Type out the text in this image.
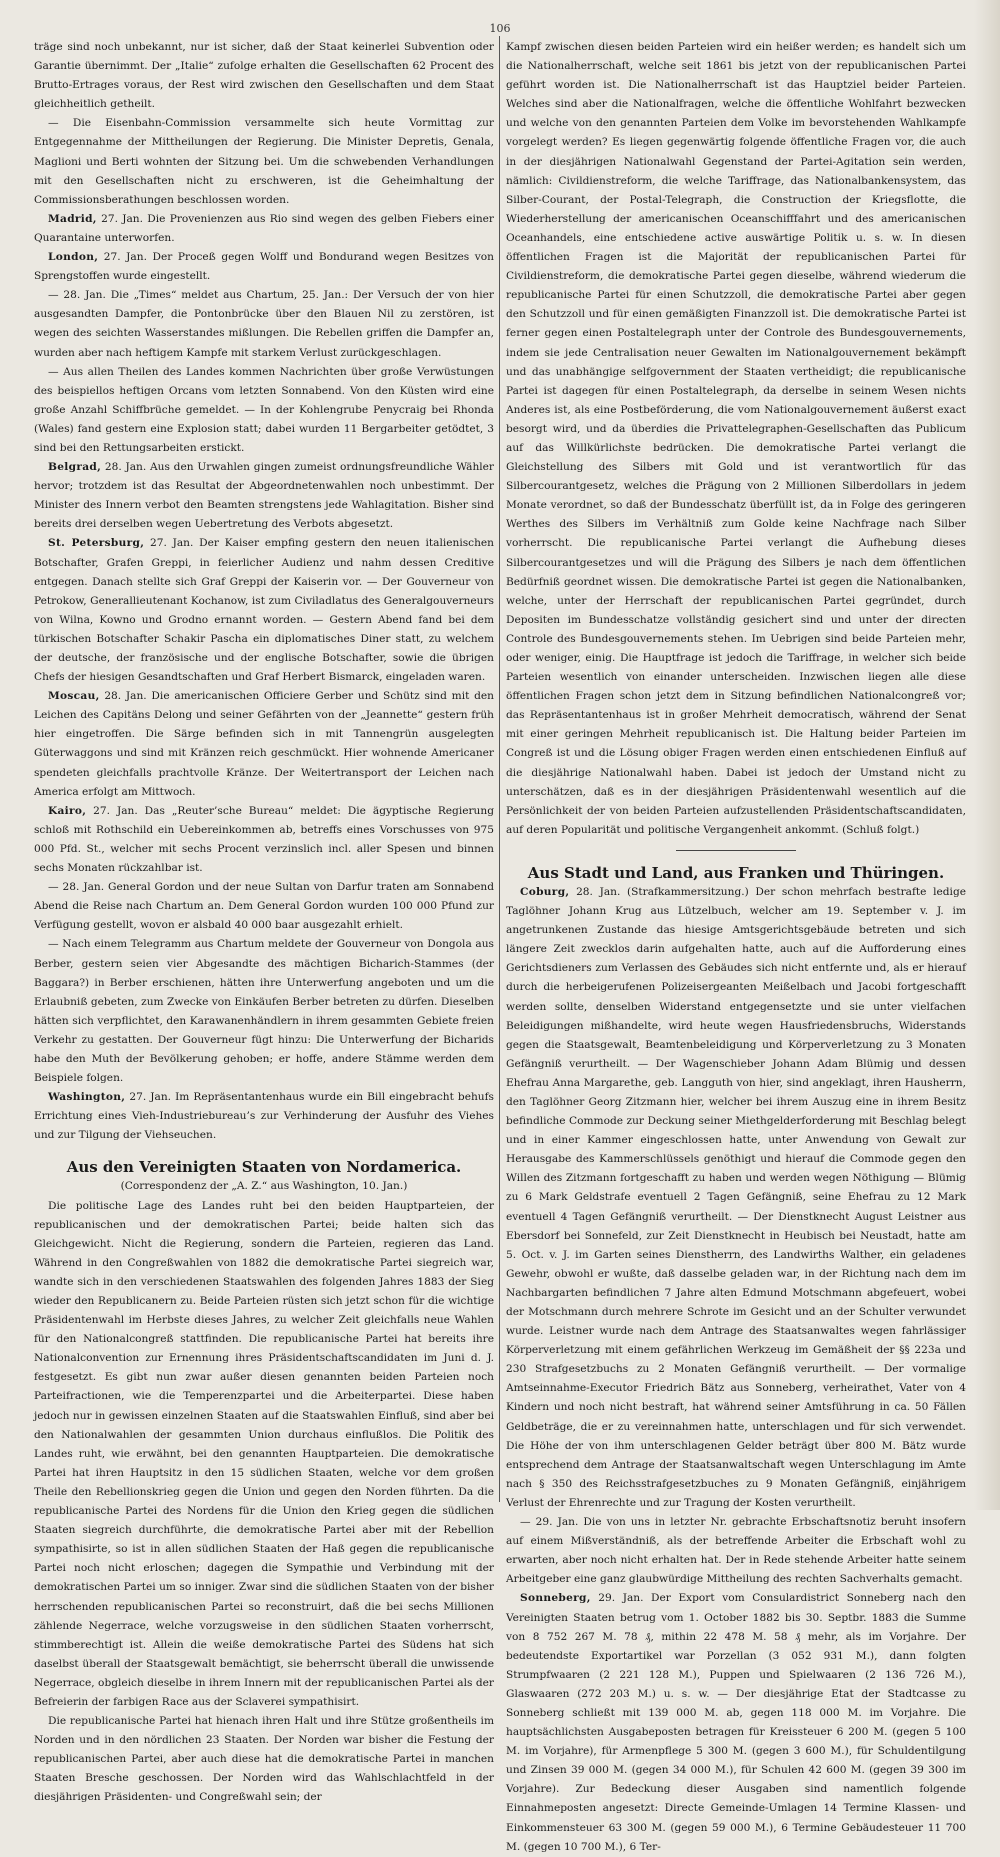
106

träge sind noch unbekannt, nur ist sicher, daß der Staat keinerlei Subvention oder Garantie übernimmt. Der „Italie“ zufolge erhalten die Gesellschaften 62 Procent des Brutto-Ertrages voraus, der Rest wird zwischen den Gesellschaften und dem Staat gleichheitlich getheilt.

— Die Eisenbahn-Commission versammelte sich heute Vormittag zur Entgegennahme der Mittheilungen der Regierung. Die Minister Depretis, Genala, Maglioni und Berti wohnten der Sitzung bei. Um die schwebenden Verhandlungen mit den Gesellschaften nicht zu erschweren, ist die Geheimhaltung der Commissionsberathungen beschlossen worden.

Madrid, 27. Jan. Die Provenienzen aus Rio sind wegen des gelben Fiebers einer Quarantaine unterworfen.

London, 27. Jan. Der Proceß gegen Wolff und Bondurand wegen Besitzes von Sprengstoffen wurde eingestellt.

— 28. Jan. Die „Times“ meldet aus Chartum, 25. Jan.: Der Versuch der von hier ausgesandten Dampfer, die Pontonbrücke über den Blauen Nil zu zerstören, ist wegen des seichten Wasserstandes mißlungen. Die Rebellen griffen die Dampfer an, wurden aber nach heftigem Kampfe mit starkem Verlust zurückgeschlagen.

— Aus allen Theilen des Landes kommen Nachrichten über große Verwüstungen des beispiellos heftigen Orcans vom letzten Sonnabend. Von den Küsten wird eine große Anzahl Schiffbrüche gemeldet. — In der Kohlengrube Penycraig bei Rhonda (Wales) fand gestern eine Explosion statt; dabei wurden 11 Bergarbeiter getödtet, 3 sind bei den Rettungsarbeiten erstickt.

Belgrad, 28. Jan. Aus den Urwahlen gingen zumeist ordnungsfreundliche Wähler hervor; trotzdem ist das Resultat der Abgeordnetenwahlen noch unbestimmt. Der Minister des Innern verbot den Beamten strengstens jede Wahlagitation. Bisher sind bereits drei derselben wegen Uebertretung des Verbots abgesetzt.

St. Petersburg, 27. Jan. Der Kaiser empfing gestern den neuen italienischen Botschafter, Grafen Greppi, in feierlicher Audienz und nahm dessen Creditive entgegen. Danach stellte sich Graf Greppi der Kaiserin vor. — Der Gouverneur von Petrokow, Generallieutenant Kochanow, ist zum Civiladlatus des Generalgouverneurs von Wilna, Kowno und Grodno ernannt worden. — Gestern Abend fand bei dem türkischen Botschafter Schakir Pascha ein diplomatisches Diner statt, zu welchem der deutsche, der französische und der englische Botschafter, sowie die übrigen Chefs der hiesigen Gesandtschaften und Graf Herbert Bismarck, eingeladen waren.

Moscau, 28. Jan. Die americanischen Officiere Gerber und Schütz sind mit den Leichen des Capitäns Delong und seiner Gefährten von der „Jeannette“ gestern früh hier eingetroffen. Die Särge befinden sich in mit Tannengrün ausgelegten Güterwaggons und sind mit Kränzen reich geschmückt. Hier wohnende Americaner spendeten gleichfalls prachtvolle Kränze. Der Weitertransport der Leichen nach America erfolgt am Mittwoch.

Kairo, 27. Jan. Das „Reuter’sche Bureau“ meldet: Die ägyptische Regierung schloß mit Rothschild ein Uebereinkommen ab, betreffs eines Vorschusses von 975 000 Pfd. St., welcher mit sechs Procent verzinslich incl. aller Spesen und binnen sechs Monaten rückzahlbar ist.

— 28. Jan. General Gordon und der neue Sultan von Darfur traten am Sonnabend Abend die Reise nach Chartum an. Dem General Gordon wurden 100 000 Pfund zur Verfügung gestellt, wovon er alsbald 40 000 baar ausgezahlt erhielt.

— Nach einem Telegramm aus Chartum meldete der Gouverneur von Dongola aus Berber, gestern seien vier Abgesandte des mächtigen Bicharich-Stammes (der Baggara?) in Berber erschienen, hätten ihre Unterwerfung angeboten und um die Erlaubniß gebeten, zum Zwecke von Einkäufen Berber betreten zu dürfen. Dieselben hätten sich verpflichtet, den Karawanenhändlern in ihrem gesammten Gebiete freien Verkehr zu gestatten. Der Gouverneur fügt hinzu: Die Unterwerfung der Bicharids habe den Muth der Bevölkerung gehoben; er hoffe, andere Stämme werden dem Beispiele folgen.

Washington, 27. Jan. Im Repräsentantenhaus wurde ein Bill eingebracht behufs Errichtung eines Vieh-Industriebureau’s zur Verhinderung der Ausfuhr des Viehes und zur Tilgung der Viehseuchen.

Aus den Vereinigten Staaten von Nordamerica.

(Correspondenz der „A. Z.“ aus Washington, 10. Jan.)

Die politische Lage des Landes ruht bei den beiden Hauptparteien, der republicanischen und der demokratischen Partei; beide halten sich das Gleichgewicht. Nicht die Regierung, sondern die Parteien, regieren das Land. Während in den Congreßwahlen von 1882 die demokratische Partei siegreich war, wandte sich in den verschiedenen Staatswahlen des folgenden Jahres 1883 der Sieg wieder den Republicanern zu. Beide Parteien rüsten sich jetzt schon für die wichtige Präsidentenwahl im Herbste dieses Jahres, zu welcher Zeit gleichfalls neue Wahlen für den Nationalcongreß stattfinden. Die republicanische Partei hat bereits ihre Nationalconvention zur Ernennung ihres Präsidentschaftscandidaten im Juni d. J. festgesetzt. Es gibt nun zwar außer diesen genannten beiden Parteien noch Parteifractionen, wie die Temperenzpartei und die Arbeiterpartei. Diese haben jedoch nur in gewissen einzelnen Staaten auf die Staatswahlen Einfluß, sind aber bei den Nationalwahlen der gesammten Union durchaus einflußlos. Die Politik des Landes ruht, wie erwähnt, bei den genannten Hauptparteien. Die demokratische Partei hat ihren Hauptsitz in den 15 südlichen Staaten, welche vor dem großen Theile den Rebellionskrieg gegen die Union und gegen den Norden führten. Da die republicanische Partei des Nordens für die Union den Krieg gegen die südlichen Staaten siegreich durchführte, die demokratische Partei aber mit der Rebellion sympathisirte, so ist in allen südlichen Staaten der Haß gegen die republicanische Partei noch nicht erloschen; dagegen die Sympathie und Verbindung mit der demokratischen Partei um so inniger. Zwar sind die südlichen Staaten von der bisher herrschenden republicanischen Partei so reconstruirt, daß die bei sechs Millionen zählende Negerrace, welche vorzugsweise in den südlichen Staaten vorherrscht, stimmberechtigt ist. Allein die weiße demokratische Partei des Südens hat sich daselbst überall der Staatsgewalt bemächtigt, sie beherrscht überall die unwissende Negerrace, obgleich dieselbe in ihrem Innern mit der republicanischen Partei als der Befreierin der farbigen Race aus der Sclaverei sympathisirt.

Die republicanische Partei hat hienach ihren Halt und ihre Stütze großentheils im Norden und in den nördlichen 23 Staaten. Der Norden war bisher die Festung der republicanischen Partei, aber auch diese hat die demokratische Partei in manchen Staaten Bresche geschossen. Der Norden wird das Wahlschlachtfeld in der diesjährigen Präsidenten- und Congreßwahl sein; der

Kampf zwischen diesen beiden Parteien wird ein heißer werden; es handelt sich um die Nationalherrschaft, welche seit 1861 bis jetzt von der republicanischen Partei geführt worden ist. Die Nationalherrschaft ist das Hauptziel beider Parteien. Welches sind aber die Nationalfragen, welche die öffentliche Wohlfahrt bezwecken und welche von den genannten Parteien dem Volke im bevorstehenden Wahlkampfe vorgelegt werden? Es liegen gegenwärtig folgende öffentliche Fragen vor, die auch in der diesjährigen Nationalwahl Gegenstand der Partei-Agitation sein werden, nämlich: Civildienstreform, die welche Tariffrage, das Nationalbankensystem, das Silber-Courant, der Postal-Telegraph, die Construction der Kriegsflotte, die Wiederherstellung der americanischen Oceanschifffahrt und des americanischen Oceanhandels, eine entschiedene active auswärtige Politik u. s. w. In diesen öffentlichen Fragen ist die Majorität der republicanischen Partei für Civildienstreform, die demokratische Partei gegen dieselbe, während wiederum die republicanische Partei für einen Schutzzoll, die demokratische Partei aber gegen den Schutzzoll und für einen gemäßigten Finanzzoll ist. Die demokratische Partei ist ferner gegen einen Postaltelegraph unter der Controle des Bundesgouvernements, indem sie jede Centralisation neuer Gewalten im Nationalgouvernement bekämpft und das unabhängige selfgovernment der Staaten vertheidigt; die republicanische Partei ist dagegen für einen Postaltelegraph, da derselbe in seinem Wesen nichts Anderes ist, als eine Postbeförderung, die vom Nationalgouvernement äußerst exact besorgt wird, und da überdies die Privattelegraphen-Gesellschaften das Publicum auf das Willkürlichste bedrücken. Die demokratische Partei verlangt die Gleichstellung des Silbers mit Gold und ist verantwortlich für das Silbercourantgesetz, welches die Prägung von 2 Millionen Silberdollars in jedem Monate verordnet, so daß der Bundesschatz überfüllt ist, da in Folge des geringeren Werthes des Silbers im Verhältniß zum Golde keine Nachfrage nach Silber vorherrscht. Die republicanische Partei verlangt die Aufhebung dieses Silbercourantgesetzes und will die Prägung des Silbers je nach dem öffentlichen Bedürfniß geordnet wissen. Die demokratische Partei ist gegen die Nationalbanken, welche, unter der Herrschaft der republicanischen Partei gegründet, durch Depositen im Bundesschatze vollständig gesichert sind und unter der directen Controle des Bundesgouvernements stehen. Im Uebrigen sind beide Parteien mehr, oder weniger, einig. Die Hauptfrage ist jedoch die Tariffrage, in welcher sich beide Parteien wesentlich von einander unterscheiden. Inzwischen liegen alle diese öffentlichen Fragen schon jetzt dem in Sitzung befindlichen Nationalcongreß vor; das Repräsentantenhaus ist in großer Mehrheit democratisch, während der Senat mit einer geringen Mehrheit republicanisch ist. Die Haltung beider Parteien im Congreß ist und die Lösung obiger Fragen werden einen entschiedenen Einfluß auf die diesjährige Nationalwahl haben. Dabei ist jedoch der Umstand nicht zu unterschätzen, daß es in der diesjährigen Präsidentenwahl wesentlich auf die Persönlichkeit der von beiden Parteien aufzustellenden Präsidentschaftscandidaten, auf deren Popularität und politische Vergangenheit ankommt. (Schluß folgt.)

Aus Stadt und Land, aus Franken und Thüringen.

Coburg, 28. Jan. (Strafkammersitzung.) Der schon mehrfach bestrafte ledige Taglöhner Johann Krug aus Lützelbuch, welcher am 19. September v. J. im angetrunkenen Zustande das hiesige Amtsgerichtsgebäude betreten und sich längere Zeit zwecklos darin aufgehalten hatte, auch auf die Aufforderung eines Gerichtsdieners zum Verlassen des Gebäudes sich nicht entfernte und, als er hierauf durch die herbeigerufenen Polizeisergeanten Meißelbach und Jacobi fortgeschafft werden sollte, denselben Widerstand entgegensetzte und sie unter vielfachen Beleidigungen mißhandelte, wird heute wegen Hausfriedensbruchs, Widerstands gegen die Staatsgewalt, Beamtenbeleidigung und Körperverletzung zu 3 Monaten Gefängniß verurtheilt. — Der Wagenschieber Johann Adam Blümig und dessen Ehefrau Anna Margarethe, geb. Langguth von hier, sind angeklagt, ihren Hausherrn, den Taglöhner Georg Zitzmann hier, welcher bei ihrem Auszug eine in ihrem Besitz befindliche Commode zur Deckung seiner Miethgelderforderung mit Beschlag belegt und in einer Kammer eingeschlossen hatte, unter Anwendung von Gewalt zur Herausgabe des Kammerschlüssels genöthigt und hierauf die Commode gegen den Willen des Zitzmann fortgeschafft zu haben und werden wegen Nöthigung — Blümig zu 6 Mark Geldstrafe eventuell 2 Tagen Gefängniß, seine Ehefrau zu 12 Mark eventuell 4 Tagen Gefängniß verurtheilt. — Der Dienstknecht August Leistner aus Ebersdorf bei Sonnefeld, zur Zeit Dienstknecht in Heubisch bei Neustadt, hatte am 5. Oct. v. J. im Garten seines Dienstherrn, des Landwirths Walther, ein geladenes Gewehr, obwohl er wußte, daß dasselbe geladen war, in der Richtung nach dem im Nachbargarten befindlichen 7 Jahre alten Edmund Motschmann abgefeuert, wobei der Motschmann durch mehrere Schrote im Gesicht und an der Schulter verwundet wurde. Leistner wurde nach dem Antrage des Staatsanwaltes wegen fahrlässiger Körperverletzung mit einem gefährlichen Werkzeug im Gemäßheit der §§ 223a und 230 Strafgesetzbuchs zu 2 Monaten Gefängniß verurtheilt. — Der vormalige Amtseinnahme-Executor Friedrich Bätz aus Sonneberg, verheirathet, Vater von 4 Kindern und noch nicht bestraft, hat während seiner Amtsführung in ca. 50 Fällen Geldbeträge, die er zu vereinnahmen hatte, unterschlagen und für sich verwendet. Die Höhe der von ihm unterschlagenen Gelder beträgt über 800 M. Bätz wurde entsprechend dem Antrage der Staatsanwaltschaft wegen Unterschlagung im Amte nach § 350 des Reichsstrafgesetzbuches zu 9 Monaten Gefängniß, einjährigem Verlust der Ehrenrechte und zur Tragung der Kosten verurtheilt.

— 29. Jan. Die von uns in letzter Nr. gebrachte Erbschaftsnotiz beruht insofern auf einem Mißverständniß, als der betreffende Arbeiter die Erbschaft wohl zu erwarten, aber noch nicht erhalten hat. Der in Rede stehende Arbeiter hatte seinem Arbeitgeber eine ganz glaubwürdige Mittheilung des rechten Sachverhalts gemacht.

Sonneberg, 29. Jan. Der Export vom Consulardistrict Sonneberg nach den Vereinigten Staaten betrug vom 1. October 1882 bis 30. Septbr. 1883 die Summe von 8 752 267 M. 78 ₰, mithin 22 478 M. 58 ₰ mehr, als im Vorjahre. Der bedeutendste Exportartikel war Porzellan (3 052 931 M.), dann folgten Strumpfwaaren (2 221 128 M.), Puppen und Spielwaaren (2 136 726 M.), Glaswaaren (272 203 M.) u. s. w. — Der diesjährige Etat der Stadtcasse zu Sonneberg schließt mit 139 000 M. ab, gegen 118 000 M. im Vorjahre. Die hauptsächlichsten Ausgabeposten betragen für Kreissteuer 6 200 M. (gegen 5 100 M. im Vorjahre), für Armenpflege 5 300 M. (gegen 3 600 M.), für Schuldentilgung und Zinsen 39 000 M. (gegen 34 000 M.), für Schulen 42 600 M. (gegen 39 300 im Vorjahre). Zur Bedeckung dieser Ausgaben sind namentlich folgende Einnahmeposten angesetzt: Directe Gemeinde-Umlagen 14 Termine Klassen- und Einkommensteuer 63 300 M. (gegen 59 000 M.), 6 Termine Gebäudesteuer 11 700 M. (gegen 10 700 M.), 6 Ter-
